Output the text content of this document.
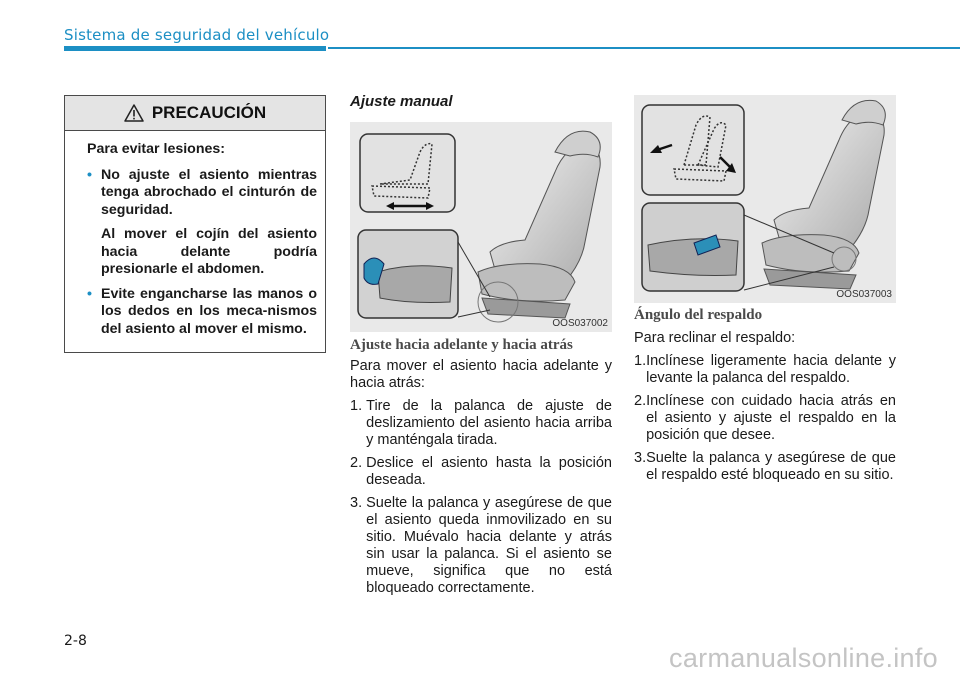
Sistema de seguridad del vehículo
PRECAUCIÓN

Para evitar lesiones:

• No ajuste el asiento mientras tenga abrochado el cinturón de seguridad.
Al mover el cojín del asiento hacia delante podría presionarle el abdomen.
• Evite engancharse las manos o los dedos en los meca-nismos del asiento al mover el mismo.
Ajuste manual
OOS037002
OOS037003
Ajuste hacia adelante y hacia atrás

Para mover el asiento hacia adelante y hacia atrás:

1. Tire de la palanca de ajuste de deslizamiento del asiento hacia arriba y manténgala tirada.
2. Deslice el asiento hasta la posición deseada.
3. Suelte la palanca y asegúrese de que el asiento queda inmovilizado en su sitio. Muévalo hacia delante y atrás sin usar la palanca. Si el asiento se mueve, significa que no está bloqueado correctamente.
Ángulo del respaldo

Para reclinar el respaldo:

1. Inclínese ligeramente hacia delante y levante la palanca del respaldo.
2. Inclínese con cuidado hacia atrás en el asiento y ajuste el respaldo en la posición que desee.
3. Suelte la palanca y asegúrese de que el respaldo esté bloqueado en su sitio.
2-8
carmanualsonline.info
